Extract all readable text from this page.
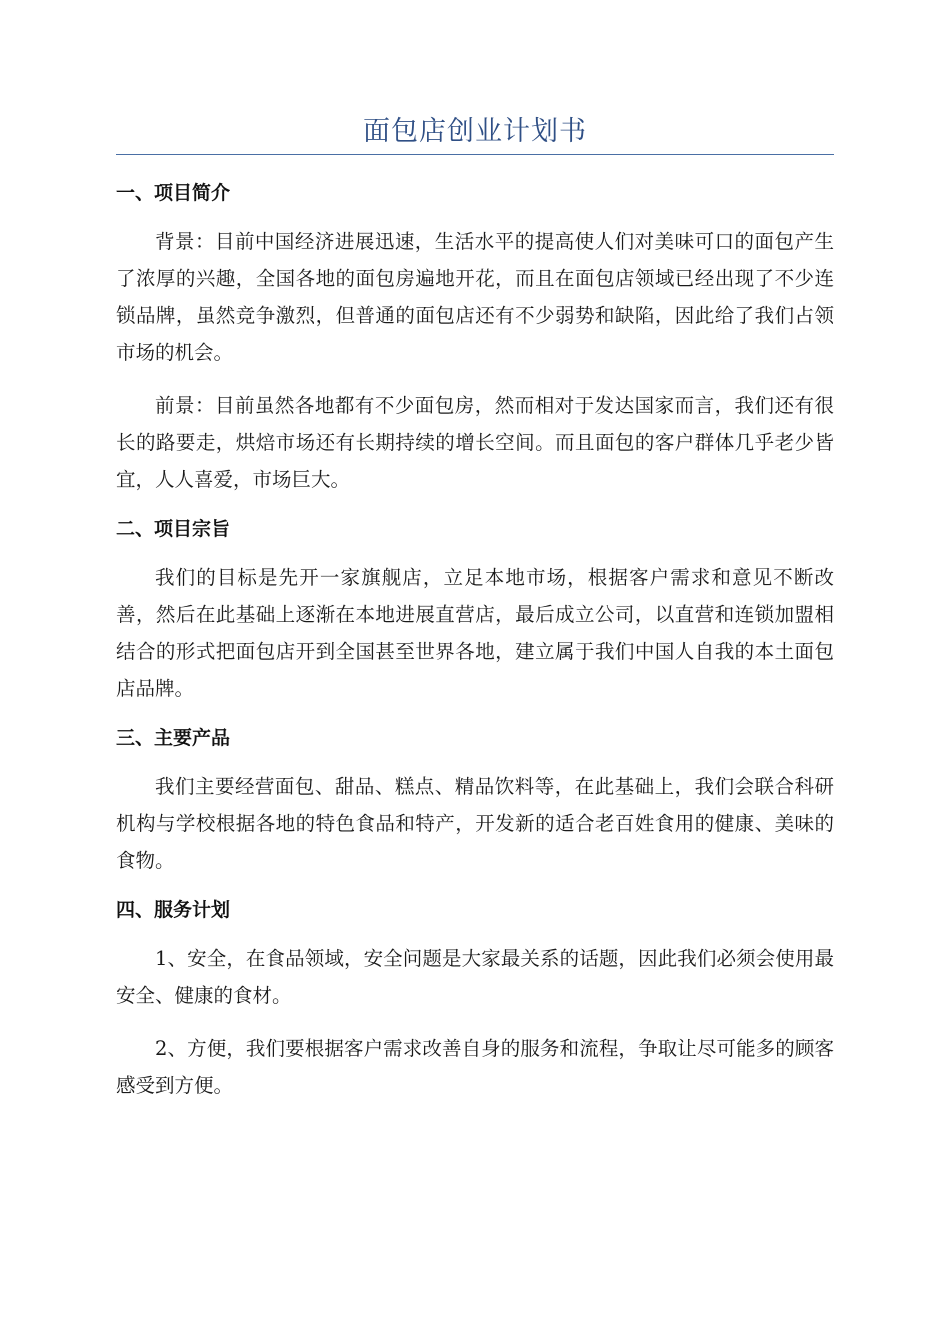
面包店创业计划书
一、项目简介

背景：目前中国经济进展迅速，生活水平的提高使人们对美味可口的面包产生了浓厚的兴趣，全国各地的面包房遍地开花，而且在面包店领域已经出现了不少连锁品牌，虽然竞争激烈，但普通的面包店还有不少弱势和缺陷，因此给了我们占领市场的机会。

前景：目前虽然各地都有不少面包房，然而相对于发达国家而言，我们还有很长的路要走，烘焙市场还有长期持续的增长空间。而且面包的客户群体几乎老少皆宜，人人喜爱，市场巨大。

二、项目宗旨

我们的目标是先开一家旗舰店，立足本地市场，根据客户需求和意见不断改善，然后在此基础上逐渐在本地进展直营店，最后成立公司，以直营和连锁加盟相结合的形式把面包店开到全国甚至世界各地，建立属于我们中国人自我的本土面包店品牌。

三、主要产品

我们主要经营面包、甜品、糕点、精品饮料等，在此基础上，我们会联合科研机构与学校根据各地的特色食品和特产，开发新的适合老百姓食用的健康、美味的食物。

四、服务计划

1、安全，在食品领域，安全问题是大家最关系的话题，因此我们必须会使用最安全、健康的食材。

2、方便，我们要根据客户需求改善自身的服务和流程，争取让尽可能多的顾客感受到方便。
